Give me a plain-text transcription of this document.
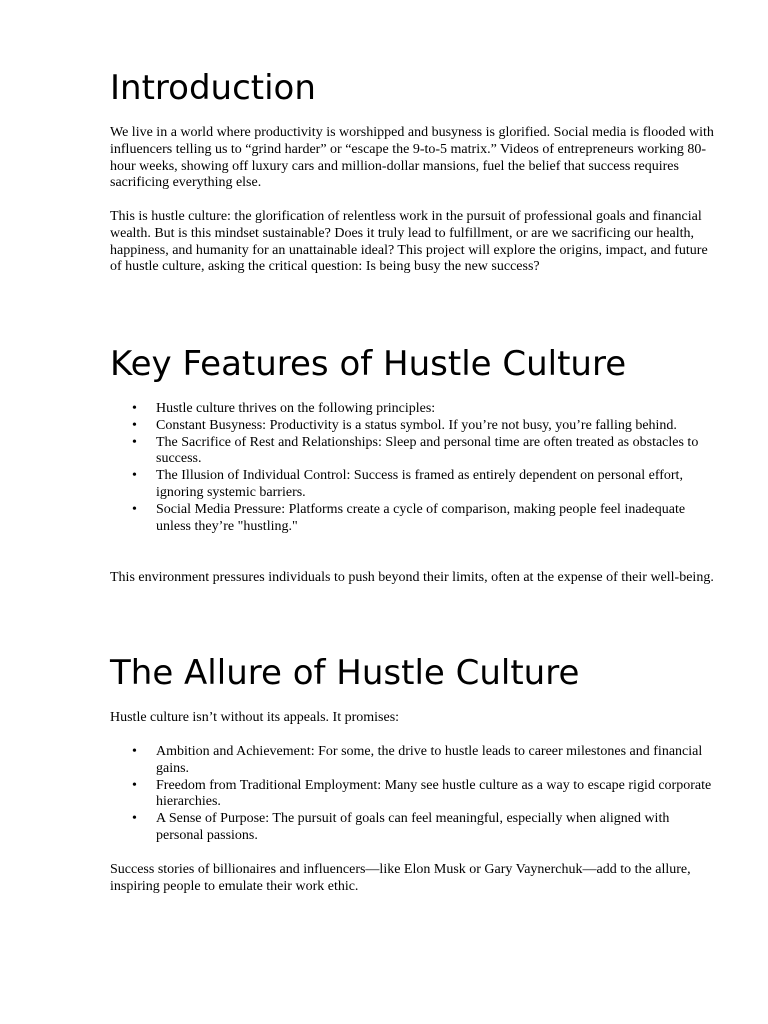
Introduction

We live in a world where productivity is worshipped and busyness is glorified. Social media is flooded with influencers telling us to “grind harder” or “escape the 9-to-5 matrix.” Videos of entrepreneurs working 80-hour weeks, showing off luxury cars and million-dollar mansions, fuel the belief that success requires sacrificing everything else.

This is hustle culture: the glorification of relentless work in the pursuit of professional goals and financial wealth. But is this mindset sustainable? Does it truly lead to fulfillment, or are we sacrificing our health, happiness, and humanity for an unattainable ideal? This project will explore the origins, impact, and future of hustle culture, asking the critical question: Is being busy the new success?

Key Features of Hustle Culture
• Hustle culture thrives on the following principles:
• Constant Busyness: Productivity is a status symbol. If you’re not busy, you’re falling behind.
• The Sacrifice of Rest and Relationships: Sleep and personal time are often treated as obstacles to success.
• The Illusion of Individual Control: Success is framed as entirely dependent on personal effort, ignoring systemic barriers.
• Social Media Pressure: Platforms create a cycle of comparison, making people feel inadequate unless they’re "hustling."

This environment pressures individuals to push beyond their limits, often at the expense of their well-being.

The Allure of Hustle Culture

Hustle culture isn’t without its appeals. It promises:

• Ambition and Achievement: For some, the drive to hustle leads to career milestones and financial gains.
• Freedom from Traditional Employment: Many see hustle culture as a way to escape rigid corporate hierarchies.
• A Sense of Purpose: The pursuit of goals can feel meaningful, especially when aligned with personal passions.

Success stories of billionaires and influencers—like Elon Musk or Gary Vaynerchuk—add to the allure, inspiring people to emulate their work ethic.
